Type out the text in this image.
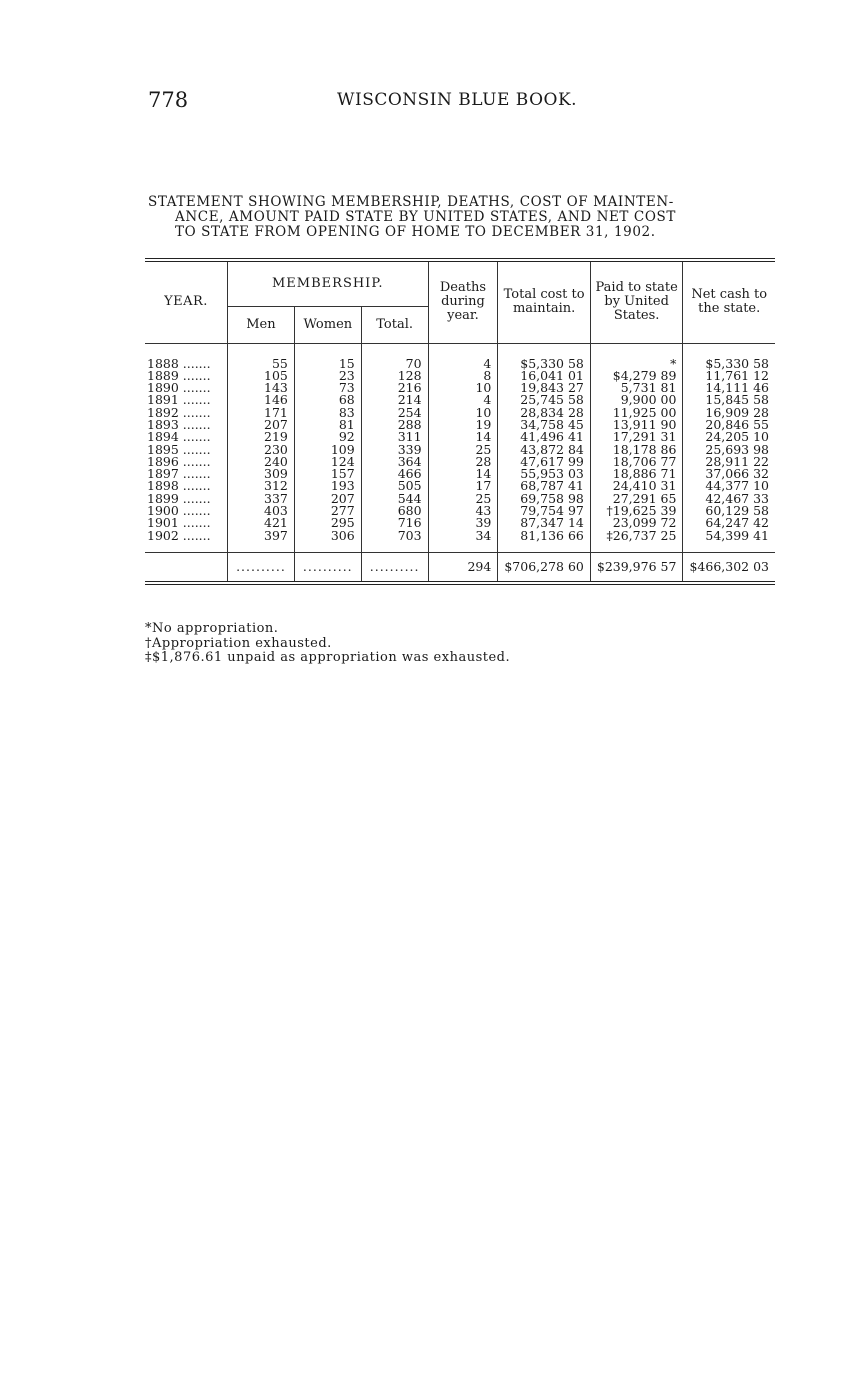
778	WISCONSIN BLUE BOOK.
STATEMENT SHOWING MEMBERSHIP, DEATHS, COST OF MAINTEN-
ANCE, AMOUNT PAID STATE BY UNITED STATES, AND NET COST
TO STATE FROM OPENING OF HOME TO DECEMBER 31, 1902.
YEAR.	MEMBERSHIP.			Deaths during year.	Total cost to maintain.	Paid to state by United States.	Net cash to the state.
	Men	Women	Total.				

1888 .......	55	15	70	4	$5,330 58	*	$5,330 58
1889 .......	105	23	128	8	16,041 01	$4,279 89	11,761 12
1890 .......	143	73	216	10	19,843 27	5,731 81	14,111 46
1891 .......	146	68	214	4	25,745 58	9,900 00	15,845 58
1892 .......	171	83	254	10	28,834 28	11,925 00	16,909 28
1893 .......	207	81	288	19	34,758 45	13,911 90	20,846 55
1894 .......	219	92	311	14	41,496 41	17,291 31	24,205 10
1895 .......	230	109	339	25	43,872 84	18,178 86	25,693 98
1896 .......	240	124	364	28	47,617 99	18,706 77	28,911 22
1897 .......	309	157	466	14	55,953 03	18,886 71	37,066 32
1898 .......	312	193	505	17	68,787 41	24,410 31	44,377 10
1899 .......	337	207	544	25	69,758 98	27,291 65	42,467 33
1900 .......	403	277	680	43	79,754 97	†19,625 39	60,129 58
1901 .......	421	295	716	39	87,347 14	23,099 72	64,247 42
1902 .......	397	306	703	34	81,136 66	‡26,737 25	54,399 41

	..........	..........	..........	294	$706,278 60	$239,976 57	$466,302 03
*No appropriation.
†Appropriation exhausted.
‡$1,876.61 unpaid as appropriation was exhausted.
